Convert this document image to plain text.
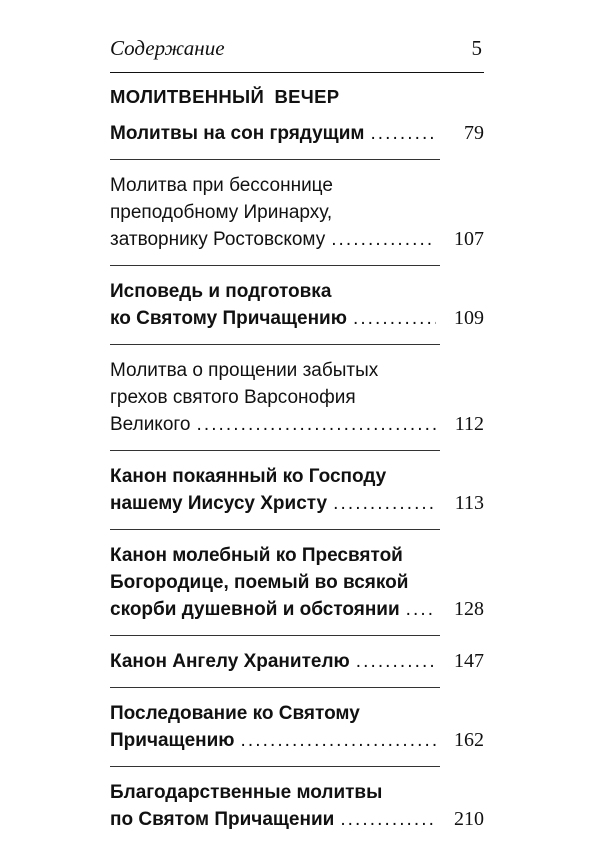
Содержание	5
МОЛИТВЕННЫЙ ВЕЧЕР
Молитвы на сон грядущим . . .	79
Молитва при бессоннице
преподобному Иринарху,
затворнику Ростовскому . . .	107
Исповедь и подготовка
ко Святому Причащению . . .	109
Молитва о прощении забытых
грехов святого Варсонофия
Великого . . .	112
Канон покаянный ко Господу
нашему Иисусу Христу . . .	113
Канон молебный ко Пресвятой
Богородице, поемый во всякой
скорби душевной и обстоянии . . .	128
Канон Ангелу Хранителю . . .	147
Последование ко Святому
Причащению . . .	162
Благодарственные молитвы
по Святом Причащении . . .	210
